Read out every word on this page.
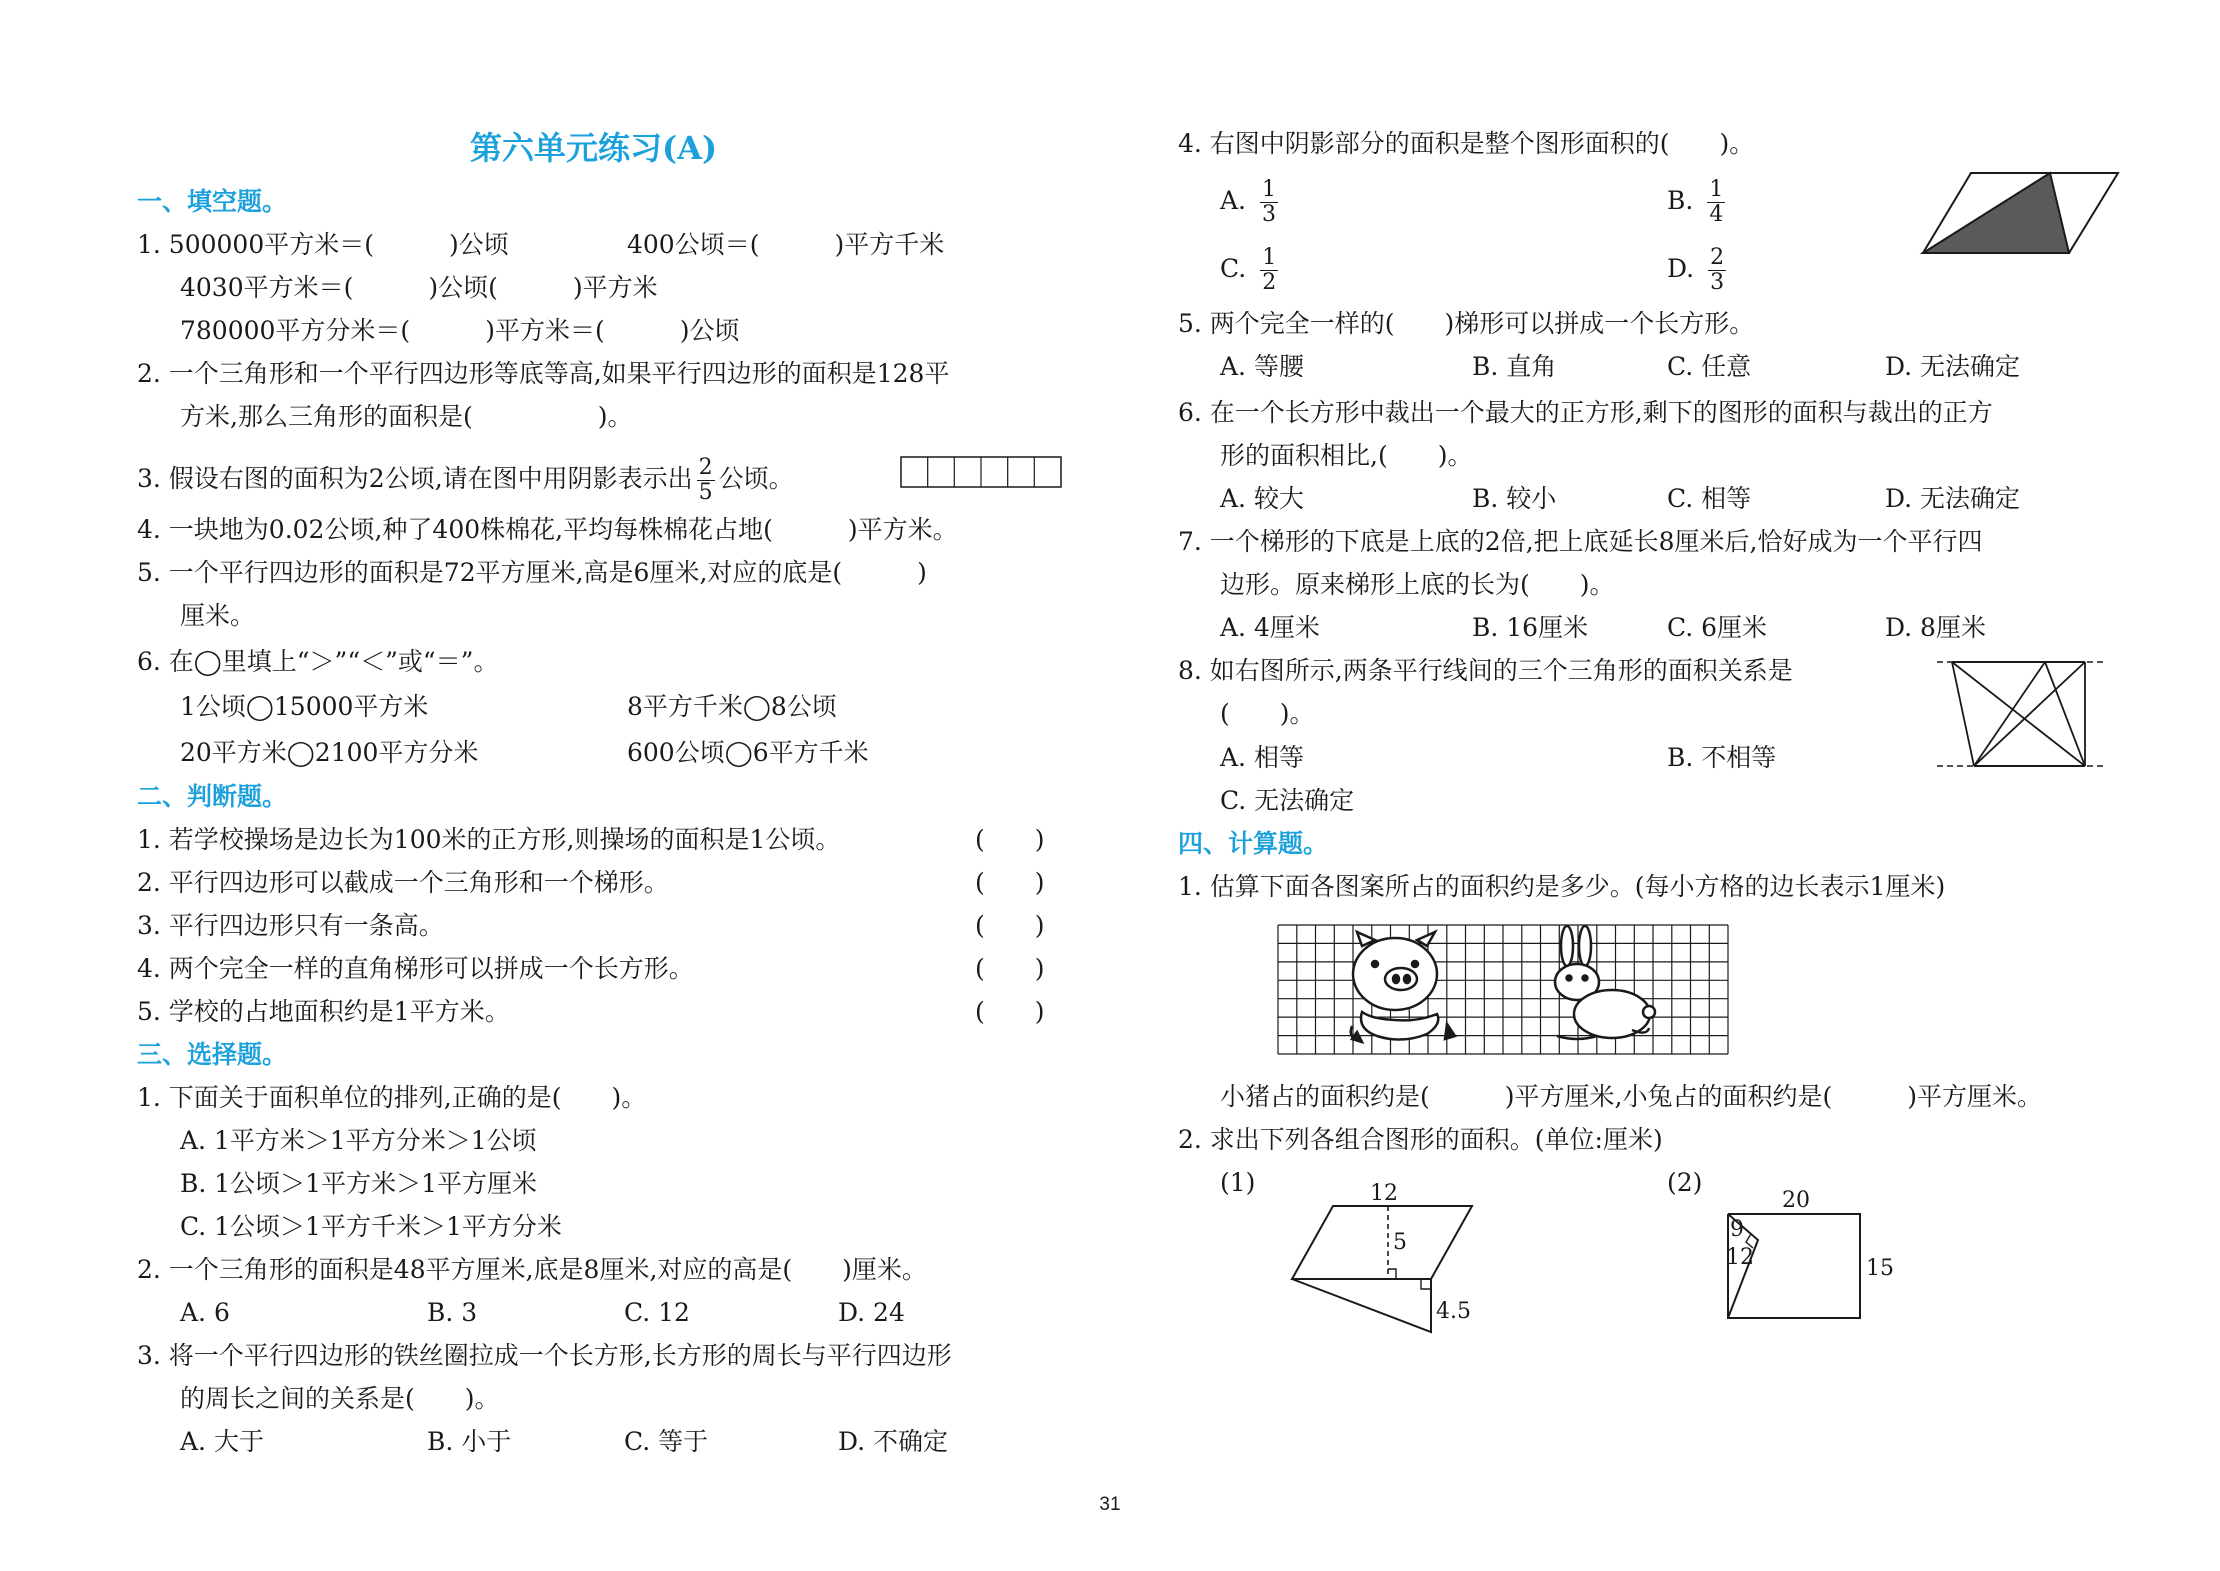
第六单元练习(A)
一、填空题。
1. 500000平方米＝(　　　)公顷	400公顷＝(　　　)平方千米
4030平方米＝(　　　)公顷(　　　)平方米
780000平方分米＝(　　　)平方米＝(　　　)公顷
2. 一个三角形和一个平行四边形等底等高,如果平行四边形的面积是128平
方米,那么三角形的面积是(　　　　　)。
3. 假设右图的面积为2公顷,请在图中用阴影表示出 $\frac{2}{5}$ 公顷。
4. 一块地为0.02公顷,种了400株棉花,平均每株棉花占地(　　　)平方米。
5. 一个平行四边形的面积是72平方厘米,高是6厘米,对应的底是(　　　)
厘米。
6. 在◯里填上“＞”“＜”或“＝”。
1公顷◯15000平方米	8平方千米◯8公顷
20平方米◯2100平方分米	600公顷◯6平方千米
二、判断题。
1. 若学校操场是边长为100米的正方形,则操场的面积是1公顷。	(　　)
2. 平行四边形可以截成一个三角形和一个梯形。	(　　)
3. 平行四边形只有一条高。	(　　)
4. 两个完全一样的直角梯形可以拼成一个长方形。	(　　)
5. 学校的占地面积约是1平方米。	(　　)
三、选择题。
1. 下面关于面积单位的排列,正确的是(　　)。
A. 1平方米＞1平方分米＞1公顷
B. 1公顷＞1平方米＞1平方厘米
C. 1公顷＞1平方千米＞1平方分米
2. 一个三角形的面积是48平方厘米,底是8厘米,对应的高是(　　)厘米。
A. 6	B. 3	C. 12	D. 24
3. 将一个平行四边形的铁丝圈拉成一个长方形,长方形的周长与平行四边形
的周长之间的关系是(　　)。
A. 大于	B. 小于	C. 等于	D. 不确定
4. 右图中阴影部分的面积是整个图形面积的(　　)。
A. $\frac{1}{3}$	B. $\frac{1}{4}$
C. $\frac{1}{2}$	D. $\frac{2}{3}$
5. 两个完全一样的(　　)梯形可以拼成一个长方形。
A. 等腰	B. 直角	C. 任意	D. 无法确定
6. 在一个长方形中裁出一个最大的正方形,剩下的图形的面积与裁出的正方
形的面积相比,(　　)。
A. 较大	B. 较小	C. 相等	D. 无法确定
7. 一个梯形的下底是上底的2倍,把上底延长8厘米后,恰好成为一个平行四
边形。原来梯形上底的长为(　　)。
A. 4厘米	B. 16厘米	C. 6厘米	D. 8厘米
8. 如右图所示,两条平行线间的三个三角形的面积关系是
(　　)。
A. 相等	B. 不相等
C. 无法确定
四、计算题。
1. 估算下面各图案所占的面积约是多少。(每小方格的边长表示1厘米)
小猪占的面积约是(　　　)平方厘米,小兔占的面积约是(　　　)平方厘米。
2. 求出下列各组合图形的面积。(单位:厘米)
(1)	(2)
12
5
4.5
20
9
12	15
31
